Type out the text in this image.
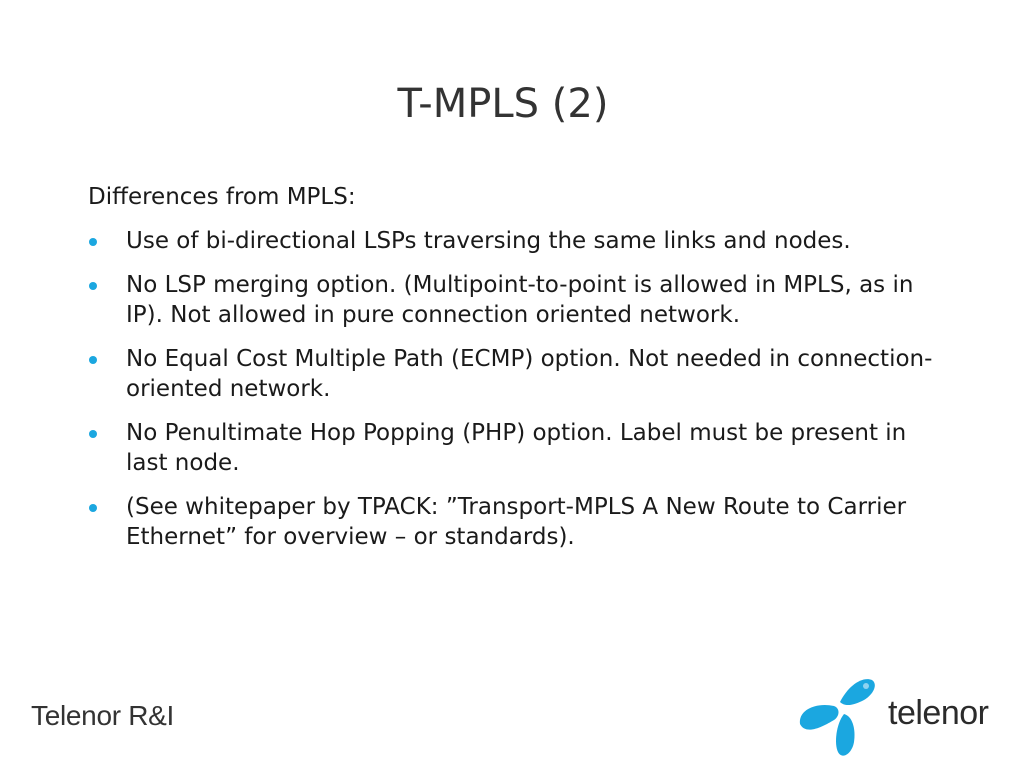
T-MPLS (2)

Differences from MPLS:

Use of bi-directional LSPs traversing the same links and nodes.
No LSP merging option. (Multipoint-to-point is allowed in MPLS, as in IP). Not allowed in pure connection oriented network.
No Equal Cost Multiple Path (ECMP) option. Not needed in connection-oriented network.
No Penultimate Hop Popping (PHP) option. Label must be present in last node.
(See whitepaper by TPACK: ”Transport-MPLS A New Route to Carrier Ethernet” for overview – or standards).
Telenor R&I	telenor
